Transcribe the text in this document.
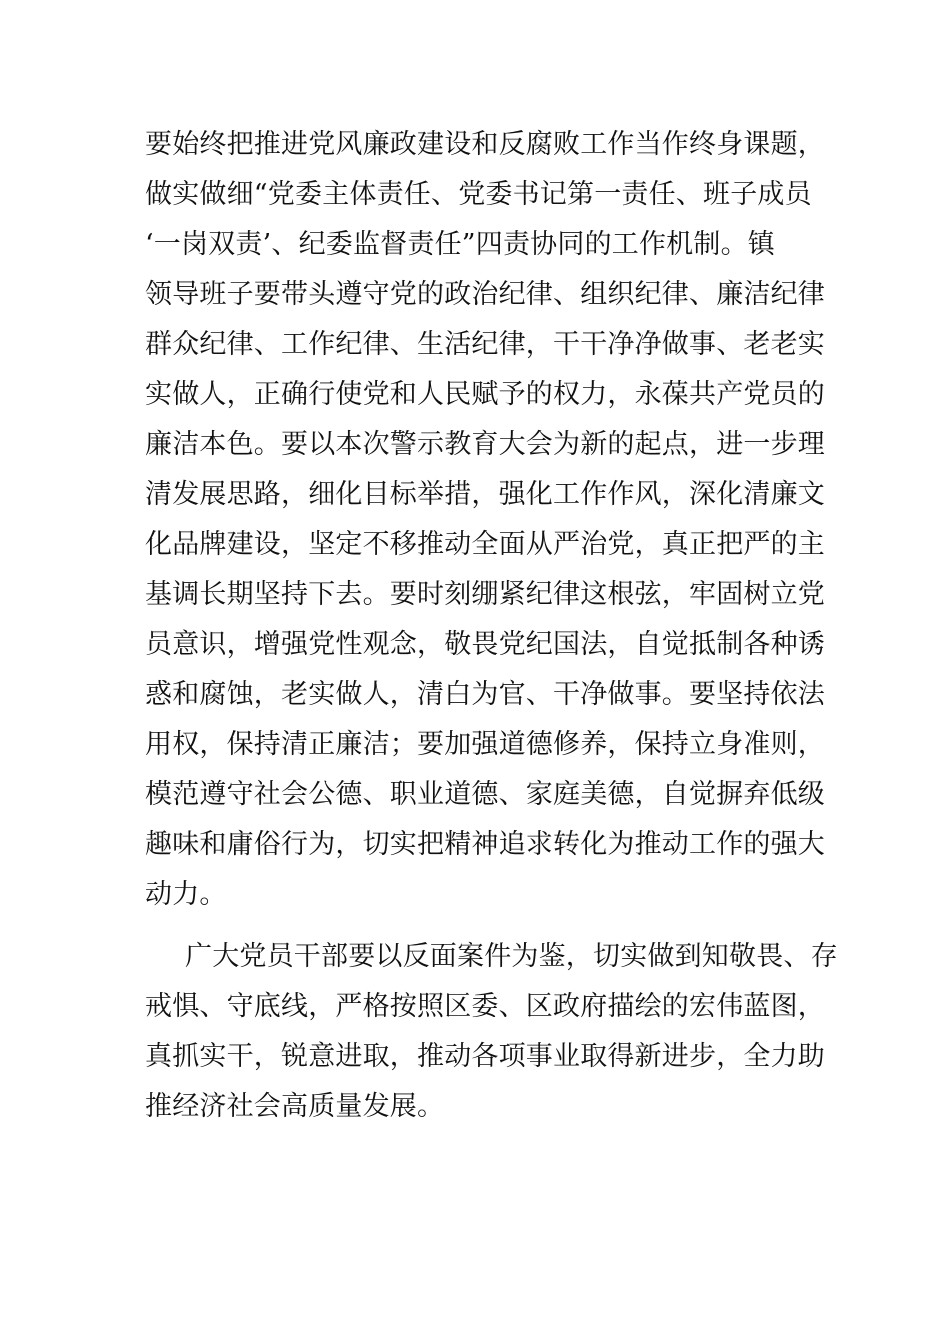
要始终把推进党风廉政建设和反腐败工作当作终身课题，
做实做细“党委主体责任、党委书记第一责任、班子成员
‘一岗双责’、纪委监督责任”四责协同的工作机制。镇
领导班子要带头遵守党的政治纪律、组织纪律、廉洁纪律
群众纪律、工作纪律、生活纪律，干干净净做事、老老实
实做人，正确行使党和人民赋予的权力，永葆共产党员的
廉洁本色。要以本次警示教育大会为新的起点，进一步理
清发展思路，细化目标举措，强化工作作风，深化清廉文
化品牌建设，坚定不移推动全面从严治党，真正把严的主
基调长期坚持下去。要时刻绷紧纪律这根弦，牢固树立党
员意识，增强党性观念，敬畏党纪国法，自觉抵制各种诱
惑和腐蚀，老实做人，清白为官、干净做事。要坚持依法
用权，保持清正廉洁；要加强道德修养，保持立身准则，
模范遵守社会公德、职业道德、家庭美德，自觉摒弃低级
趣味和庸俗行为，切实把精神追求转化为推动工作的强大
动力。
广大党员干部要以反面案件为鉴，切实做到知敬畏、存
戒惧、守底线，严格按照区委、区政府描绘的宏伟蓝图，
真抓实干，锐意进取，推动各项事业取得新进步，全力助
推经济社会高质量发展。
